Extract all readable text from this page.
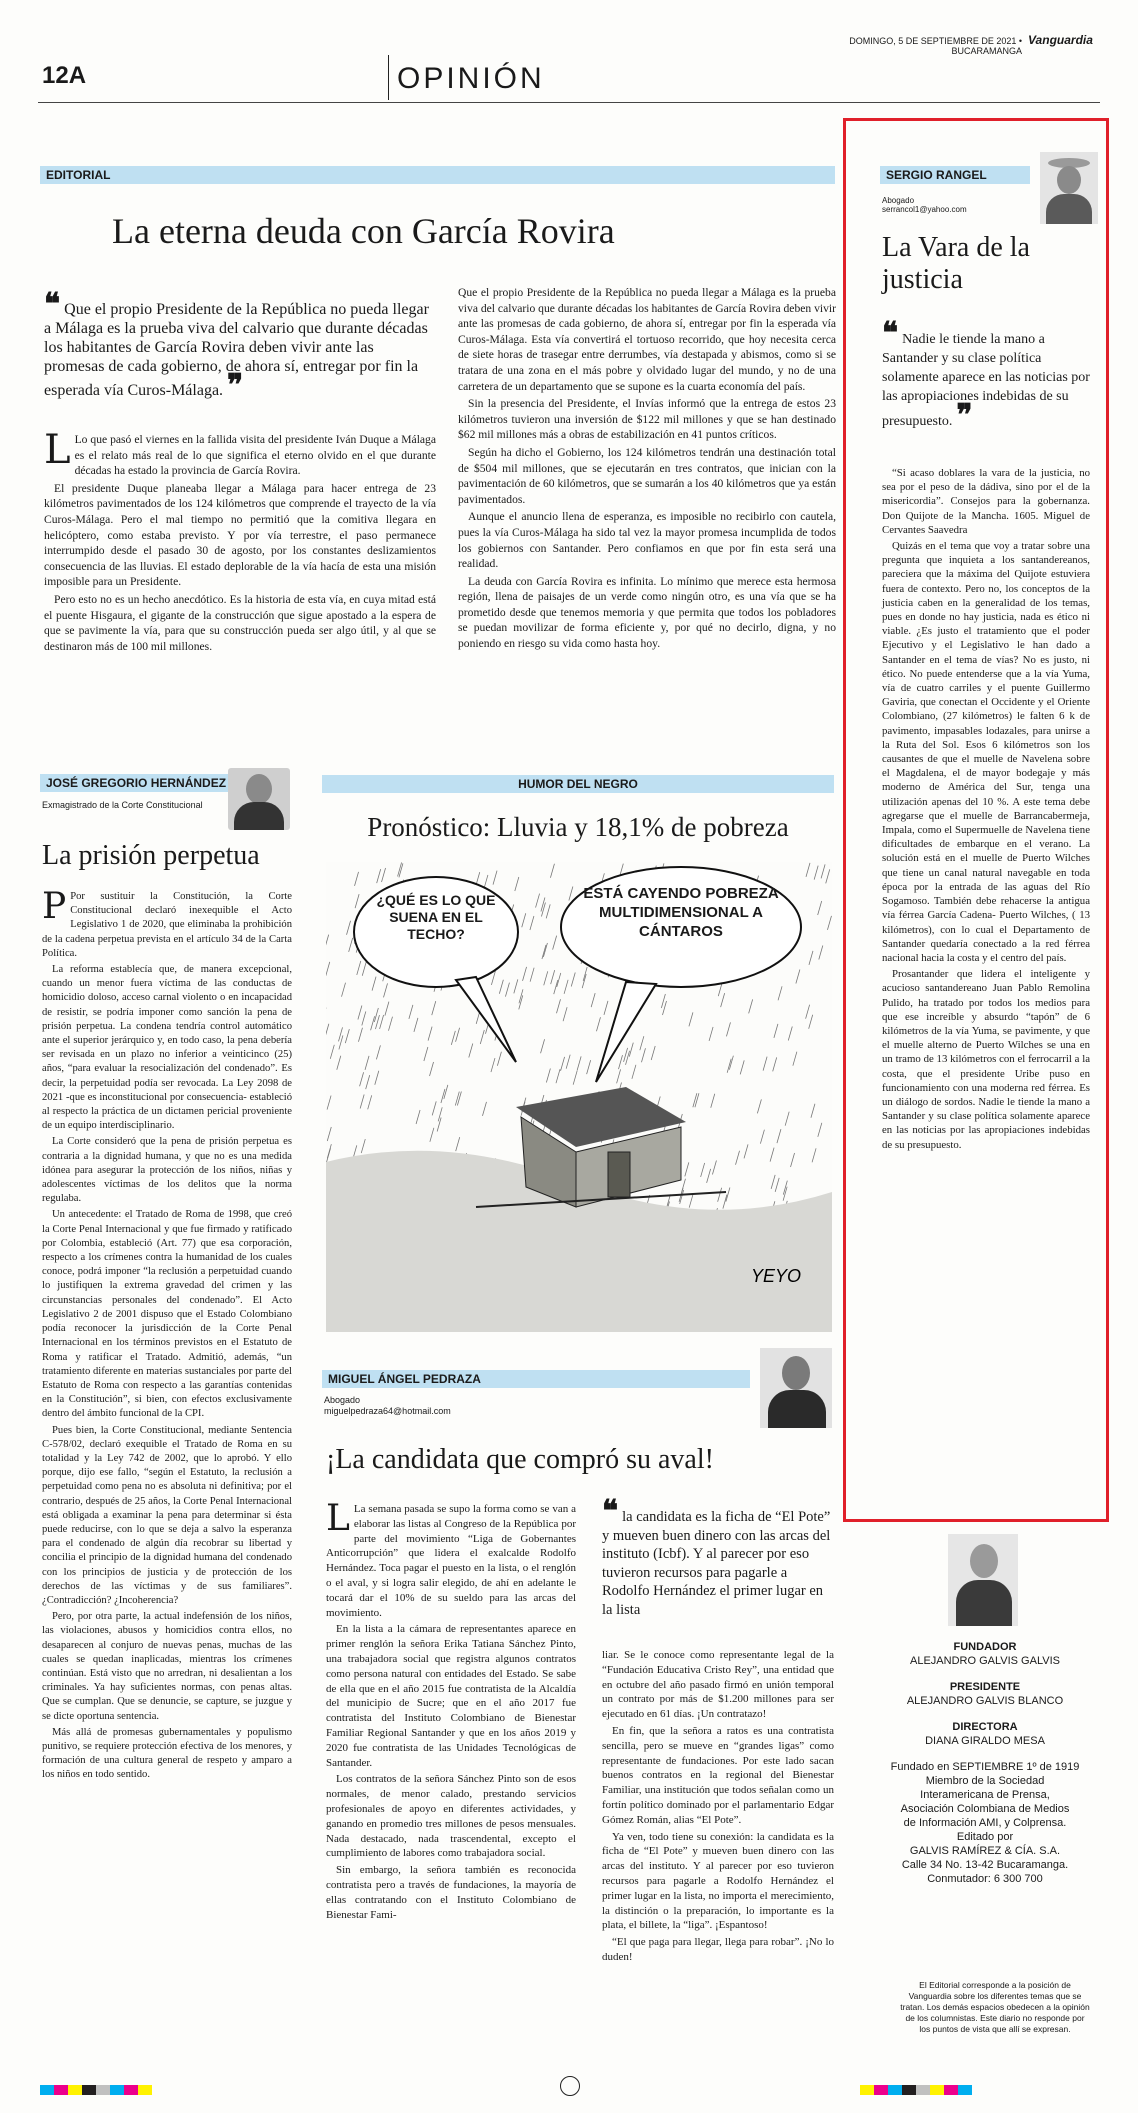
12A	OPINIÓN
DOMINGO, 5 DE SEPTIEMBRE DE 2021 • BUCARAMANGA
Vanguardia
EDITORIAL
La eterna deuda con García Rovira
❝ Que el propio Presidente de la República no pueda llegar a Málaga es la prueba viva del calvario que durante décadas los habitantes de García Rovira deben vivir ante las promesas de cada gobierno, de ahora sí, entregar por fin la esperada vía Curos-Málaga. ❞

L Lo que pasó el viernes en la fallida visita del presidente Iván Duque a Málaga es el relato más real de lo que significa el eterno olvido en el que durante décadas ha estado la provincia de García Rovira.

El presidente Duque planeaba llegar a Málaga para hacer entrega de 23 kilómetros pavimentados de los 124 kilómetros que comprende el trayecto de la vía Curos-Málaga. Pero el mal tiempo no permitió que la comitiva llegara en helicóptero, como estaba previsto. Y por vía terrestre, el paso permanece interrumpido desde el pasado 30 de agosto, por los constantes deslizamientos consecuencia de las lluvias. El estado deplorable de la vía hacía de esta una misión imposible para un Presidente.

Pero esto no es un hecho anecdótico. Es la historia de esta vía, en cuya mitad está el puente Hisgaura, el gigante de la construcción que sigue apostado a la espera de que se pavimente la vía, para que su construcción pueda ser algo útil, y al que se destinaron más de 100 mil millones.

Que el propio Presidente de la República no pueda llegar a Málaga es la prueba viva del calvario que durante décadas los habitantes de García Rovira deben vivir ante las promesas de cada gobierno, de ahora sí, entregar por fin la esperada vía Curos-Málaga. Esta vía convertirá el tortuoso recorrido, que hoy necesita cerca de siete horas de trasegar entre derrumbes, vía destapada y abismos, como si se tratara de una zona en el más pobre y olvidado lugar del mundo, y no de una carretera de un departamento que se supone es la cuarta economía del país.

Sin la presencia del Presidente, el Invías informó que la entrega de estos 23 kilómetros tuvieron una inversión de $122 mil millones y que se han destinado $62 mil millones más a obras de estabilización en 41 puntos críticos.

Según ha dicho el Gobierno, los 124 kilómetros tendrán una destinación total de $504 mil millones, que se ejecutarán en tres contratos, que inician con la pavimentación de 60 kilómetros, que se sumarán a los 40 kilómetros que ya están pavimentados.

Aunque el anuncio llena de esperanza, es imposible no recibirlo con cautela, pues la vía Curos-Málaga ha sido tal vez la mayor promesa incumplida de todos los gobiernos con Santander. Pero confiamos en que por fin esta será una realidad.

La deuda con García Rovira es infinita. Lo mínimo que merece esta hermosa región, llena de paisajes de un verde como ningún otro, es una vía que se ha prometido desde que tenemos memoria y que permita que todos los pobladores se puedan movilizar de forma eficiente y, por qué no decirlo, digna, y no poniendo en riesgo su vida como hasta hoy.

JOSÉ GREGORIO HERNÁNDEZ
Exmagistrado de la Corte Constitucional
La prisión perpetua

P Por sustituir la Constitución, la Corte Constitucional declaró inexequible el Acto Legislativo 1 de 2020, que eliminaba la prohibición de la cadena perpetua prevista en el artículo 34 de la Carta Política.

La reforma establecía que, de manera excepcional, cuando un menor fuera víctima de las conductas de homicidio doloso, acceso carnal violento o en incapacidad de resistir, se podría imponer como sanción la pena de prisión perpetua. La condena tendría control automático ante el superior jerárquico y, en todo caso, la pena debería ser revisada en un plazo no inferior a veinticinco (25) años, “para evaluar la resocialización del condenado”. Es decir, la perpetuidad podía ser revocada. La Ley 2098 de 2021 -que es inconstitucional por consecuencia- estableció al respecto la práctica de un dictamen pericial proveniente de un equipo interdisciplinario.

La Corte consideró que la pena de prisión perpetua es contraria a la dignidad humana, y que no es una medida idónea para asegurar la protección de los niños, niñas y adolescentes víctimas de los delitos que la norma regulaba.

Un antecedente: el Tratado de Roma de 1998, que creó la Corte Penal Internacional y que fue firmado y ratificado por Colombia, estableció (Art. 77) que esa corporación, respecto a los crímenes contra la humanidad de los cuales conoce, podrá imponer “la reclusión a perpetuidad cuando lo justifiquen la extrema gravedad del crimen y las circunstancias personales del condenado”. El Acto Legislativo 2 de 2001 dispuso que el Estado Colombiano podía reconocer la jurisdicción de la Corte Penal Internacional en los términos previstos en el Estatuto de Roma y ratificar el Tratado. Admitió, además, “un tratamiento diferente en materias sustanciales por parte del Estatuto de Roma con respecto a las garantías contenidas en la Constitución”, si bien, con efectos exclusivamente dentro del ámbito funcional de la CPI.

Pues bien, la Corte Constitucional, mediante Sentencia C-578/02, declaró exequible el Tratado de Roma en su totalidad y la Ley 742 de 2002, que lo aprobó. Y ello porque, dijo ese fallo, “según el Estatuto, la reclusión a perpetuidad como pena no es absoluta ni definitiva; por el contrario, después de 25 años, la Corte Penal Internacional está obligada a examinar la pena para determinar si ésta puede reducirse, con lo que se deja a salvo la esperanza para el condenado de algún día recobrar su libertad y concilia el principio de la dignidad humana del condenado con los principios de justicia y de protección de los derechos de las víctimas y de sus familiares”. ¿Contradicción? ¿Incoherencia?

Pero, por otra parte, la actual indefensión de los niños, las violaciones, abusos y homicidios contra ellos, no desaparecen al conjuro de nuevas penas, muchas de las cuales se quedan inaplicadas, mientras los crímenes continúan. Está visto que no arredran, ni desalientan a los criminales. Ya hay suficientes normas, con penas altas. Que se cumplan. Que se denuncie, se capture, se juzgue y se dicte oportuna sentencia.

Más allá de promesas gubernamentales y populismo punitivo, se requiere protección efectiva de los menores, y formación de una cultura general de respeto y amparo a los niños en todo sentido.

HUMOR DEL NEGRO
Pronóstico: Lluvia y 18,1% de pobreza
¿QUÉ ES LO QUE SUENA EN EL TECHO?
ESTÁ CAYENDO POBREZA MULTIDIMENSIONAL A CÁNTAROS
YEYO
MIGUEL ÁNGEL PEDRAZA
Abogado
miguelpedraza64@hotmail.com
¡La candidata que compró su aval!

L La semana pasada se supo la forma como se van a elaborar las listas al Congreso de la República por parte del movimiento “Liga de Gobernantes Anticorrupción” que lidera el exalcalde Rodolfo Hernández. Toca pagar el puesto en la lista, o el renglón o el aval, y si logra salir elegido, de ahí en adelante le tocará dar el 10% de su sueldo para las arcas del movimiento.

En la lista a la cámara de representantes aparece en primer renglón la señora Erika Tatiana Sánchez Pinto, una trabajadora social que registra algunos contratos como persona natural con entidades del Estado. Se sabe de ella que en el año 2015 fue contratista de la Alcaldía del municipio de Sucre; que en el año 2017 fue contratista del Instituto Colombiano de Bienestar Familiar Regional Santander y que en los años 2019 y 2020 fue contratista de las Unidades Tecnológicas de Santander.

Los contratos de la señora Sánchez Pinto son de esos normales, de menor calado, prestando servicios profesionales de apoyo en diferentes actividades, y ganando en promedio tres millones de pesos mensuales. Nada destacado, nada trascendental, excepto el cumplimiento de labores como trabajadora social.

Sin embargo, la señora también es reconocida contratista pero a través de fundaciones, la mayoría de ellas contratando con el Instituto Colombiano de Bienestar Fami-

❝ la candidata es la ficha de “El Pote” y mueven buen dinero con las arcas del instituto (Icbf). Y al parecer por eso tuvieron recursos para pagarle a Rodolfo Hernández el primer lugar en la lista

liar. Se le conoce como representante legal de la “Fundación Educativa Cristo Rey”, una entidad que en octubre del año pasado firmó en unión temporal un contrato por más de $1.200 millones para ser ejecutado en 61 días. ¡Un contratazo!

En fin, que la señora a ratos es una contratista sencilla, pero se mueve en “grandes ligas” como representante de fundaciones. Por este lado sacan buenos contratos en la regional del Bienestar Familiar, una institución que todos señalan como un fortín político dominado por el parlamentario Edgar Gómez Román, alias “El Pote”.

Ya ven, todo tiene su conexión: la candidata es la ficha de “El Pote” y mueven buen dinero con las arcas del instituto. Y al parecer por eso tuvieron recursos para pagarle a Rodolfo Hernández el primer lugar en la lista, no importa el merecimiento, la distinción o la preparación, lo importante es la plata, el billete, la “liga”. ¡Espantoso!

“El que paga para llegar, llega para robar”. ¡No lo duden!

SERGIO RANGEL
Abogado
serrancol1@yahoo.com
La Vara de la justicia
❝ Nadie le tiende la mano a Santander y su clase política solamente aparece en las noticias por las apropiaciones indebidas de su presupuesto. ❞

“Si acaso doblares la vara de la justicia, no sea por el peso de la dádiva, sino por el de la misericordia”. Consejos para la gobernanza. Don Quijote de la Mancha. 1605. Miguel de Cervantes Saavedra

Quizás en el tema que voy a tratar sobre una pregunta que inquieta a los santandereanos, pareciera que la máxima del Quijote estuviera fuera de contexto. Pero no, los conceptos de la justicia caben en la generalidad de los temas, pues en donde no hay justicia, nada es ético ni viable. ¿Es justo el tratamiento que el poder Ejecutivo y el Legislativo le han dado a Santander en el tema de vías? No es justo, ni ético. No puede entenderse que a la vía Yuma, vía de cuatro carriles y el puente Guillermo Gaviria, que conectan el Occidente y el Oriente Colombiano, (27 kilómetros) le falten 6 k de pavimento, impasables lodazales, para unirse a la Ruta del Sol. Esos 6 kilómetros son los causantes de que el muelle de Navelena sobre el Magdalena, el de mayor bodegaje y más moderno de América del Sur, tenga una utilización apenas del 10 %. A este tema debe agregarse que el muelle de Barrancabermeja, Impala, como el Supermuelle de Navelena tiene dificultades de embarque en el verano. La solución está en el muelle de Puerto Wilches que tiene un canal natural navegable en toda época por la entrada de las aguas del Río Sogamoso. También debe rehacerse la antigua vía férrea García Cadena- Puerto Wilches, ( 13 kilómetros), con lo cual el Departamento de Santander quedaría conectado a la red férrea nacional hacia la costa y el centro del país.

Prosantander que lidera el inteligente y acucioso santandereano Juan Pablo Remolina Pulido, ha tratado por todos los medios para que ese increíble y absurdo “tapón” de 6 kilómetros de la vía Yuma, se pavimente, y que el muelle alterno de Puerto Wilches se una en un tramo de 13 kilómetros con el ferrocarril a la costa, que el presidente Uribe puso en funcionamiento con una moderna red férrea. Es un diálogo de sordos. Nadie le tiende la mano a Santander y su clase política solamente aparece en las noticias por las apropiaciones indebidas de su presupuesto.

FUNDADOR
ALEJANDRO GALVIS GALVIS
PRESIDENTE
ALEJANDRO GALVIS BLANCO
DIRECTORA
DIANA GIRALDO MESA
Fundado en SEPTIEMBRE 1º de 1919
Miembro de la Sociedad
Interamericana de Prensa,
Asociación Colombiana de Medios
de Información AMI, y Colprensa.
Editado por
GALVIS RAMÍREZ & CÍA. S.A.
Calle 34 No. 13-42 Bucaramanga.
Conmutador: 6 300 700
El Editorial corresponde a la posición de Vanguardia sobre los diferentes temas que se tratan. Los demás espacios obedecen a la opinión de los columnistas. Este diario no responde por los puntos de vista que allí se expresan.
